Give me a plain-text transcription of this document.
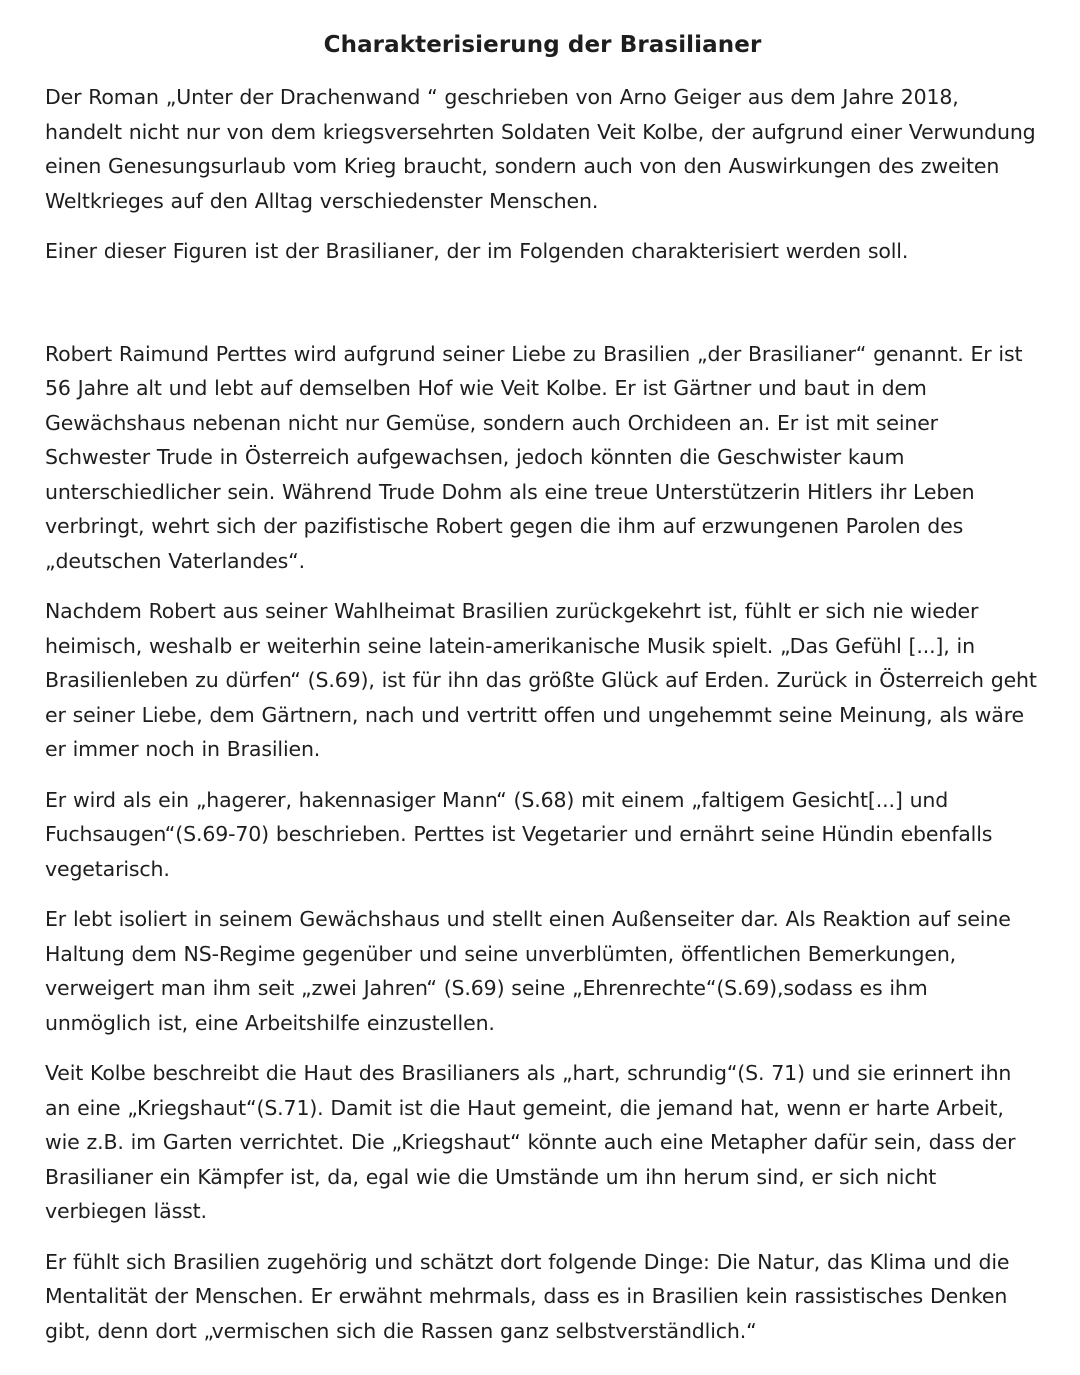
Charakterisierung der Brasilianer

Der Roman „Unter der Drachenwand “ geschrieben von Arno Geiger aus dem Jahre 2018, handelt nicht nur von dem kriegsversehrten Soldaten Veit Kolbe, der aufgrund einer Verwundung einen Genesungsurlaub vom Krieg braucht, sondern auch von den Auswirkungen des zweiten Weltkrieges auf den Alltag verschiedenster Menschen.

Einer dieser Figuren ist der Brasilianer, der im Folgenden charakterisiert werden soll.

Robert Raimund Perttes wird aufgrund seiner Liebe zu Brasilien „der Brasilianer“ genannt. Er ist 56 Jahre alt und lebt auf demselben Hof wie Veit Kolbe. Er ist Gärtner und baut in dem Gewächshaus nebenan nicht nur Gemüse, sondern auch Orchideen an. Er ist mit seiner Schwester Trude in Österreich aufgewachsen, jedoch könnten die Geschwister kaum unterschiedlicher sein. Während Trude Dohm als eine treue Unterstützerin Hitlers ihr Leben verbringt, wehrt sich der pazifistische Robert gegen die ihm auf erzwungenen Parolen des „deutschen Vaterlandes“.

Nachdem Robert aus seiner Wahlheimat Brasilien zurückgekehrt ist, fühlt er sich nie wieder heimisch, weshalb er weiterhin seine latein-amerikanische Musik spielt. „Das Gefühl [...], in Brasilienleben zu dürfen“ (S.69), ist für ihn das größte Glück auf Erden. Zurück in Österreich geht er seiner Liebe, dem Gärtnern, nach und vertritt offen und ungehemmt seine Meinung, als wäre er immer noch in Brasilien.

Er wird als ein „hagerer, hakennasiger Mann“ (S.68) mit einem „faltigem Gesicht[...] und Fuchsaugen“(S.69-70) beschrieben. Perttes ist Vegetarier und ernährt seine Hündin ebenfalls vegetarisch.

Er lebt isoliert in seinem Gewächshaus und stellt einen Außenseiter dar. Als Reaktion auf seine Haltung dem NS-Regime gegenüber und seine unverblümten, öffentlichen Bemerkungen, verweigert man ihm seit „zwei Jahren“ (S.69) seine „Ehrenrechte“(S.69),sodass es ihm unmöglich ist, eine Arbeitshilfe einzustellen.

Veit Kolbe beschreibt die Haut des Brasilianers als „hart, schrundig“(S. 71) und sie erinnert ihn an eine „Kriegshaut“(S.71). Damit ist die Haut gemeint, die jemand hat, wenn er harte Arbeit, wie z.B. im Garten verrichtet. Die „Kriegshaut“ könnte auch eine Metapher dafür sein, dass der Brasilianer ein Kämpfer ist, da, egal wie die Umstände um ihn herum sind, er sich nicht verbiegen lässt.

Er fühlt sich Brasilien zugehörig und schätzt dort folgende Dinge: Die Natur, das Klima und die Mentalität der Menschen. Er erwähnt mehrmals, dass es in Brasilien kein rassistisches Denken gibt, denn dort „vermischen sich die Rassen ganz selbstverständlich.“
